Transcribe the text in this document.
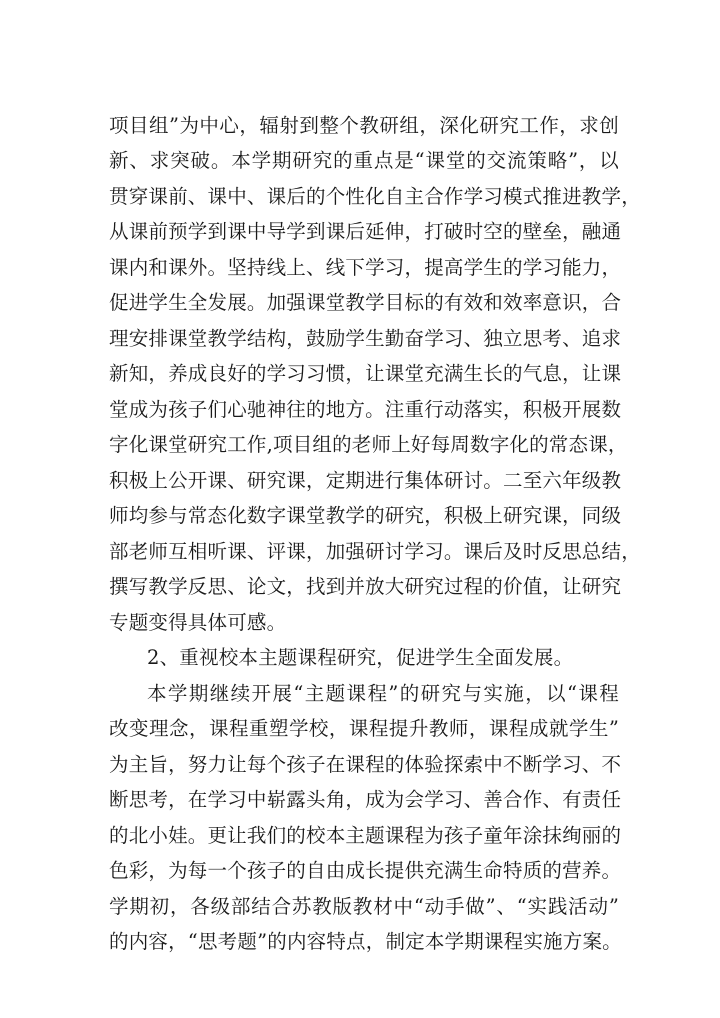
项目组”为中心，辐射到整个教研组，深化研究工作，求创
新、求突破。本学期研究的重点是“课堂的交流策略”，以
贯穿课前、课中、课后的个性化自主合作学习模式推进教学，
从课前预学到课中导学到课后延伸，打破时空的壁垒，融通
课内和课外。坚持线上、线下学习，提高学生的学习能力，
促进学生全发展。加强课堂教学目标的有效和效率意识，合
理安排课堂教学结构，鼓励学生勤奋学习、独立思考、追求
新知，养成良好的学习习惯，让课堂充满生长的气息，让课
堂成为孩子们心驰神往的地方。注重行动落实，积极开展数
字化课堂研究工作,项目组的老师上好每周数字化的常态课，
积极上公开课、研究课，定期进行集体研讨。二至六年级教
师均参与常态化数字课堂教学的研究，积极上研究课，同级
部老师互相听课、评课，加强研讨学习。课后及时反思总结，
撰写教学反思、论文，找到并放大研究过程的价值，让研究
专题变得具体可感。
2、重视校本主题课程研究，促进学生全面发展。
本学期继续开展“主题课程”的研究与实施，以“课程
改变理念，课程重塑学校，课程提升教师，课程成就学生”
为主旨，努力让每个孩子在课程的体验探索中不断学习、不
断思考，在学习中崭露头角，成为会学习、善合作、有责任
的北小娃。更让我们的校本主题课程为孩子童年涂抹绚丽的
色彩，为每一个孩子的自由成长提供充满生命特质的营养。
学期初，各级部结合苏教版教材中“动手做”、“实践活动”
的内容，“思考题”的内容特点，制定本学期课程实施方案。
